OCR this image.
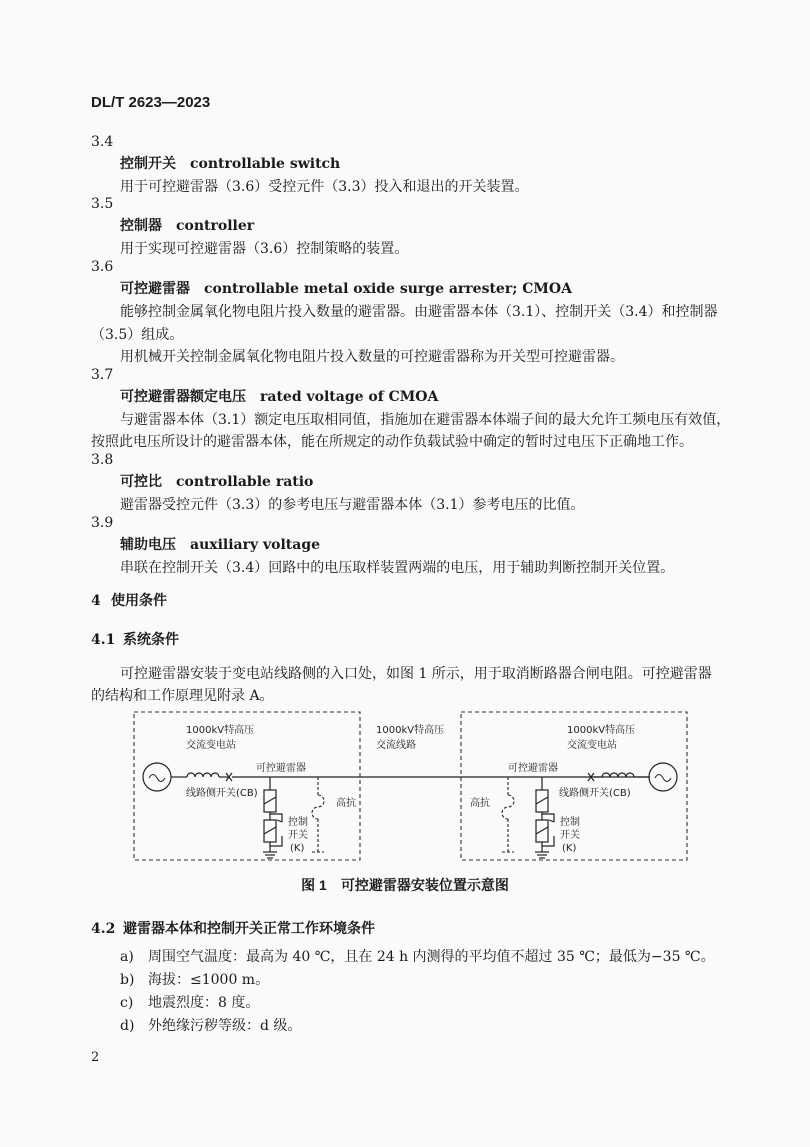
DL/T 2623—2023
3.4
控制开关 controllable switch
用于可控避雷器（3.6）受控元件（3.3）投入和退出的开关装置。
3.5
控制器 controller
用于实现可控避雷器（3.6）控制策略的装置。
3.6
可控避雷器 controllable metal oxide surge arrester; CMOA
能够控制金属氧化物电阻片投入数量的避雷器。由避雷器本体（3.1）、控制开关（3.4）和控制器
（3.5）组成。
用机械开关控制金属氧化物电阻片投入数量的可控避雷器称为开关型可控避雷器。
3.7
可控避雷器额定电压 rated voltage of CMOA
与避雷器本体（3.1）额定电压取相同值，指施加在避雷器本体端子间的最大允许工频电压有效值，
按照此电压所设计的避雷器本体，能在所规定的动作负载试验中确定的暂时过电压下正确地工作。
3.8
可控比 controllable ratio
避雷器受控元件（3.3）的参考电压与避雷器本体（3.1）参考电压的比值。
3.9
辅助电压 auxiliary voltage
串联在控制开关（3.4）回路中的电压取样装置两端的电压，用于辅助判断控制开关位置。
4 使用条件
4.1 系统条件
可控避雷器安装于变电站线路侧的入口处，如图 1 所示，用于取消断路器合闸电阻。可控避雷器
的结构和工作原理见附录 A。
1000kV特高压
交流变电站
1000kV特高压
交流线路
1000kV特高压
交流变电站
可控避雷器	可控避雷器
线路侧开关(CB)	线路侧开关(CB)
高抗	高抗
控制
开关
(K)
控制
开关
(K)
图 1　可控避雷器安装位置示意图
4.2 避雷器本体和控制开关正常工作环境条件
a) 周围空气温度：最高为 40 ℃，且在 24 h 内测得的平均值不超过 35 ℃；最低为−35 ℃。
b) 海拔：≤1000 m。
c) 地震烈度：8 度。
d) 外绝缘污秽等级：d 级。
2
